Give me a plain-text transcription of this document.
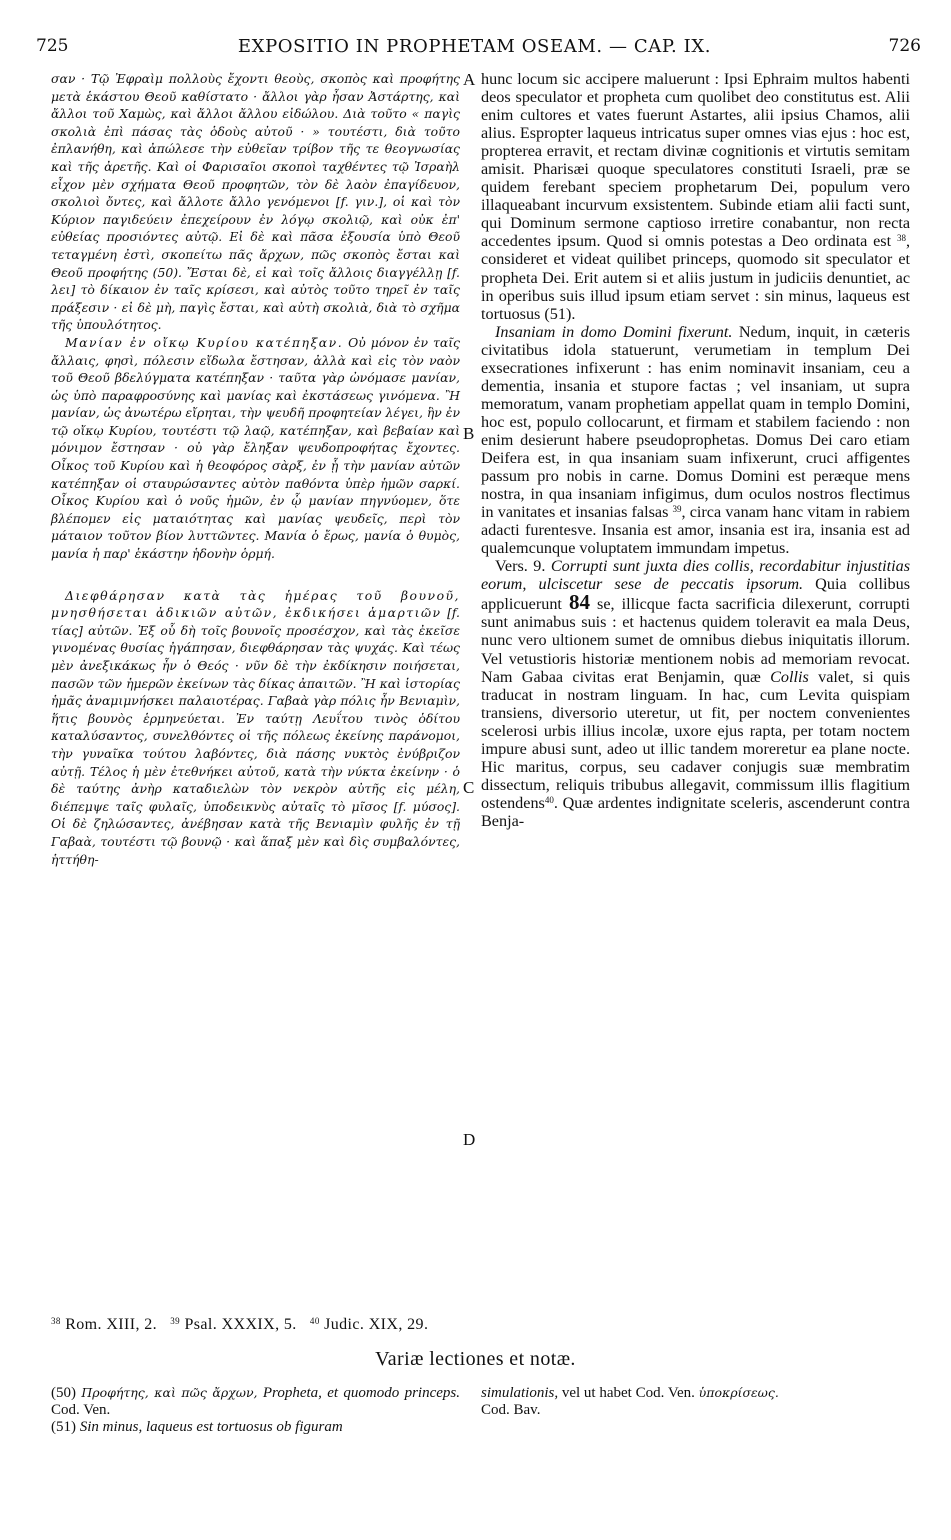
725	EXPOSITIO IN PROPHETAM OSEAM. — CAP. IX.	726

σαν · Τῷ Ἐφραὶμ πολλοὺς ἔχοντι θεοὺς, σκοπὸς καὶ προφήτης μετὰ ἑκάστου Θεοῦ καθίστατο · ἄλλοι γὰρ ἦσαν Ἀστάρτης, καὶ ἄλλοι τοῦ Χαμὼς, καὶ ἄλλοι ἄλλου εἰδώλου. Διὰ τοῦτο « παγὶς σκολιὰ ἐπὶ πάσας τὰς ὁδοὺς αὐτοῦ · » τουτέστι, διὰ τοῦτο ἐπλανήθη, καὶ ἀπώλεσε τὴν εὐθεῖαν τρίβον τῆς τε θεογνωσίας καὶ τῆς ἀρετῆς. Καὶ οἱ Φαρισαῖοι σκοποὶ ταχθέντες τῷ Ἰσραὴλ εἶχον μὲν σχήματα Θεοῦ προφητῶν, τὸν δὲ λαὸν ἐπαγίδευον, σκολιοὶ ὄντες, καὶ ἄλλοτε ἄλλο γενόμενοι [f. γιν.], οἱ καὶ τὸν Κύριον παγιδεύειν ἐπεχείρουν ἐν λόγῳ σκολιῷ, καὶ οὐκ ἐπ' εὐθείας προσιόντες αὐτῷ. Εἰ δὲ καὶ πᾶσα ἐξουσία ὑπὸ Θεοῦ τεταγμένη ἐστὶ, σκοπείτω πᾶς ἄρχων, πῶς σκοπὸς ἔσται καὶ Θεοῦ προφήτης (50). Ἔσται δὲ, εἰ καὶ τοῖς ἄλλοις διαγγέλλῃ [f. λει] τὸ δίκαιον ἐν ταῖς κρίσεσι, καὶ αὐτὸς τοῦτο τηρεῖ ἐν ταῖς πράξεσιν · εἰ δὲ μὴ, παγὶς ἔσται, καὶ αὐτὴ σκολιὰ, διὰ τὸ σχῆμα τῆς ὑπουλότητος.

Μανίαν ἐν οἴκῳ Κυρίου κατέπηξαν. Οὐ μόνον ἐν ταῖς ἄλλαις, φησὶ, πόλεσιν εἴδωλα ἔστησαν, ἀλλὰ καὶ εἰς τὸν ναὸν τοῦ Θεοῦ βδελύγματα κατέπηξαν · ταῦτα γὰρ ὠνόμασε μανίαν, ὡς ὑπὸ παραφροσύνης καὶ μανίας καὶ ἐκστάσεως γινόμενα. Ἢ μανίαν, ὡς ἀνωτέρω εἴρηται, τὴν ψευδῆ προφητείαν λέγει, ἣν ἐν τῷ οἴκῳ Κυρίου, τουτέστι τῷ λαῷ, κατέπηξαν, καὶ βεβαίαν καὶ μόνιμον ἔστησαν · οὐ γὰρ ἔληξαν ψευδοπροφήτας ἔχοντες. Οἶκος τοῦ Κυρίου καὶ ἡ θεοφόρος σὰρξ, ἐν ᾗ τὴν μανίαν αὐτῶν κατέπηξαν οἱ σταυρώσαντες αὐτὸν παθόντα ὑπὲρ ἡμῶν σαρκί. Οἶκος Κυρίου καὶ ὁ νοῦς ἡμῶν, ἐν ᾧ μανίαν πηγνύομεν, ὅτε βλέπομεν εἰς ματαιότητας καὶ μανίας ψευδεῖς, περὶ τὸν μάταιον τοῦτον βίον λυττῶντες. Μανία ὁ ἔρως, μανία ὁ θυμὸς, μανία ἡ παρ' ἑκάστην ἡδονὴν ὁρμή.

Διεφθάρησαν κατὰ τὰς ἡμέρας τοῦ βουνοῦ, μνησθήσεται ἀδικιῶν αὐτῶν, ἐκδικήσει ἁμαρτιῶν [f. τίας] αὐτῶν. Ἐξ οὗ δὴ τοῖς βουνοῖς προσέσχον, καὶ τὰς ἐκεῖσε γινομένας θυσίας ἠγάπησαν, διεφθάρησαν τὰς ψυχάς. Καὶ τέως μὲν ἀνεξικάκως ἦν ὁ Θεός · νῦν δὲ τὴν ἐκδίκησιν ποιήσεται, πασῶν τῶν ἡμερῶν ἐκείνων τὰς δίκας ἀπαιτῶν. Ἢ καὶ ἱστορίας ἡμᾶς ἀναμιμνήσκει παλαιοτέρας. Γαβαὰ γὰρ πόλις ἦν Βενιαμὶν, ἥτις βουνὸς ἑρμηνεύεται. Ἐν ταύτῃ Λευΐτου τινὸς ὁδίτου καταλύσαντος, συνελθόντες οἱ τῆς πόλεως ἐκείνης παράνομοι, τὴν γυναῖκα τούτου λαβόντες, διὰ πάσης νυκτὸς ἐνύβριζον αὐτῇ. Τέλος ἡ μὲν ἐτεθνήκει αὐτοῦ, κατὰ τὴν νύκτα ἐκείνην · ὁ δὲ ταύτης ἀνὴρ καταδιελὼν τὸν νεκρὸν αὐτῆς εἰς μέλη, διέπεμψε ταῖς φυλαῖς, ὑποδεικνὺς αὐταῖς τὸ μῖσος [f. μύσος]. Οἱ δὲ ζηλώσαντες, ἀνέβησαν κατὰ τῆς Βενιαμὶν φυλῆς ἐν τῇ Γαβαὰ, τουτέστι τῷ βουνῷ · καὶ ἅπαξ μὲν καὶ δὶς συμβαλόντες, ἡττήθη-

A
B
C
D

hunc locum sic accipere maluerunt : Ipsi Ephraim multos habenti deos speculator et propheta cum quolibet deo constitutus est. Alii enim cultores et vates fuerunt Astartes, alii ipsius Chamos, alii alius. Espropter laqueus intricatus super omnes vias ejus : hoc est, propterea erravit, et rectam divinæ cognitionis et virtutis semitam amisit. Pharisæi quoque speculatores constituti Israeli, præ se quidem ferebant speciem prophetarum Dei, populum vero illaqueabant incurvum exsistentem. Subinde etiam alii facti sunt, qui Dominum sermone captioso irretire conabantur, non recta accedentes ipsum. Quod si omnis potestas a Deo ordinata est $^{38}$, consideret et videat quilibet princeps, quomodo sit speculator et propheta Dei. Erit autem si et aliis justum in judiciis denuntiet, ac in operibus suis illud ipsum etiam servet : sin minus, laqueus est tortuosus (51).

Insaniam in domo Domini fixerunt. Nedum, inquit, in cæteris civitatibus idola statuerunt, verumetiam in templum Dei exsecrationes infixerunt : has enim nominavit insaniam, ceu a dementia, insania et stupore factas ; vel insaniam, ut supra memoratum, vanam prophetiam appellat quam in templo Domini, hoc est, populo collocarunt, et firmam et stabilem faciendo : non enim desierunt habere pseudoprophetas. Domus Dei caro etiam Deifera est, in qua insaniam suam infixerunt, cruci affigentes passum pro nobis in carne. Domus Domini est peræque mens nostra, in qua insaniam infigimus, dum oculos nostros flectimus in vanitates et insanias falsas $^{39}$, circa vanam hanc vitam in rabiem adacti furentesve. Insania est amor, insania est ira, insania est ad qualemcunque voluptatem immundam impetus.

Vers. 9. Corrupti sunt juxta dies collis, recordabitur injustitias eorum, ulciscetur sese de peccatis ipsorum. Quia collibus applicuerunt 84 se, illicque facta sacrificia dilexerunt, corrupti sunt animabus suis : et hactenus quidem toleravit ea mala Deus, nunc vero ultionem sumet de omnibus diebus iniquitatis illorum. Vel vetustioris historiæ mentionem nobis ad memoriam revocat. Nam Gabaa civitas erat Benjamin, quæ Collis valet, si quis traducat in nostram linguam. In hac, cum Levita quispiam transiens, diversorio uteretur, ut fit, per noctem convenientes scelerosi urbis illius incolæ, uxore ejus rapta, per totam noctem impure abusi sunt, adeo ut illic tandem moreretur ea plane nocte. Hic maritus, corpus, seu cadaver conjugis suæ membratim dissectum, reliquis tribubus allegavit, commissum illis flagitium ostendens$^{40}$. Quæ ardentes indignitate sceleris, ascenderunt contra Benja-

$^{38}$ Rom. XIII, 2. $^{39}$ Psal. XXXIX, 5. $^{40}$ Judic. XIX, 29.
Variæ lectiones et notæ.

(50) Προφήτης, καὶ πῶς ἄρχων, Propheta, et quomodo princeps. Cod. Ven.

(51) Sin minus, laqueus est tortuosus ob figuram

simulationis, vel ut habet Cod. Ven. ὑποκρίσεως.
Cod. Bav.
